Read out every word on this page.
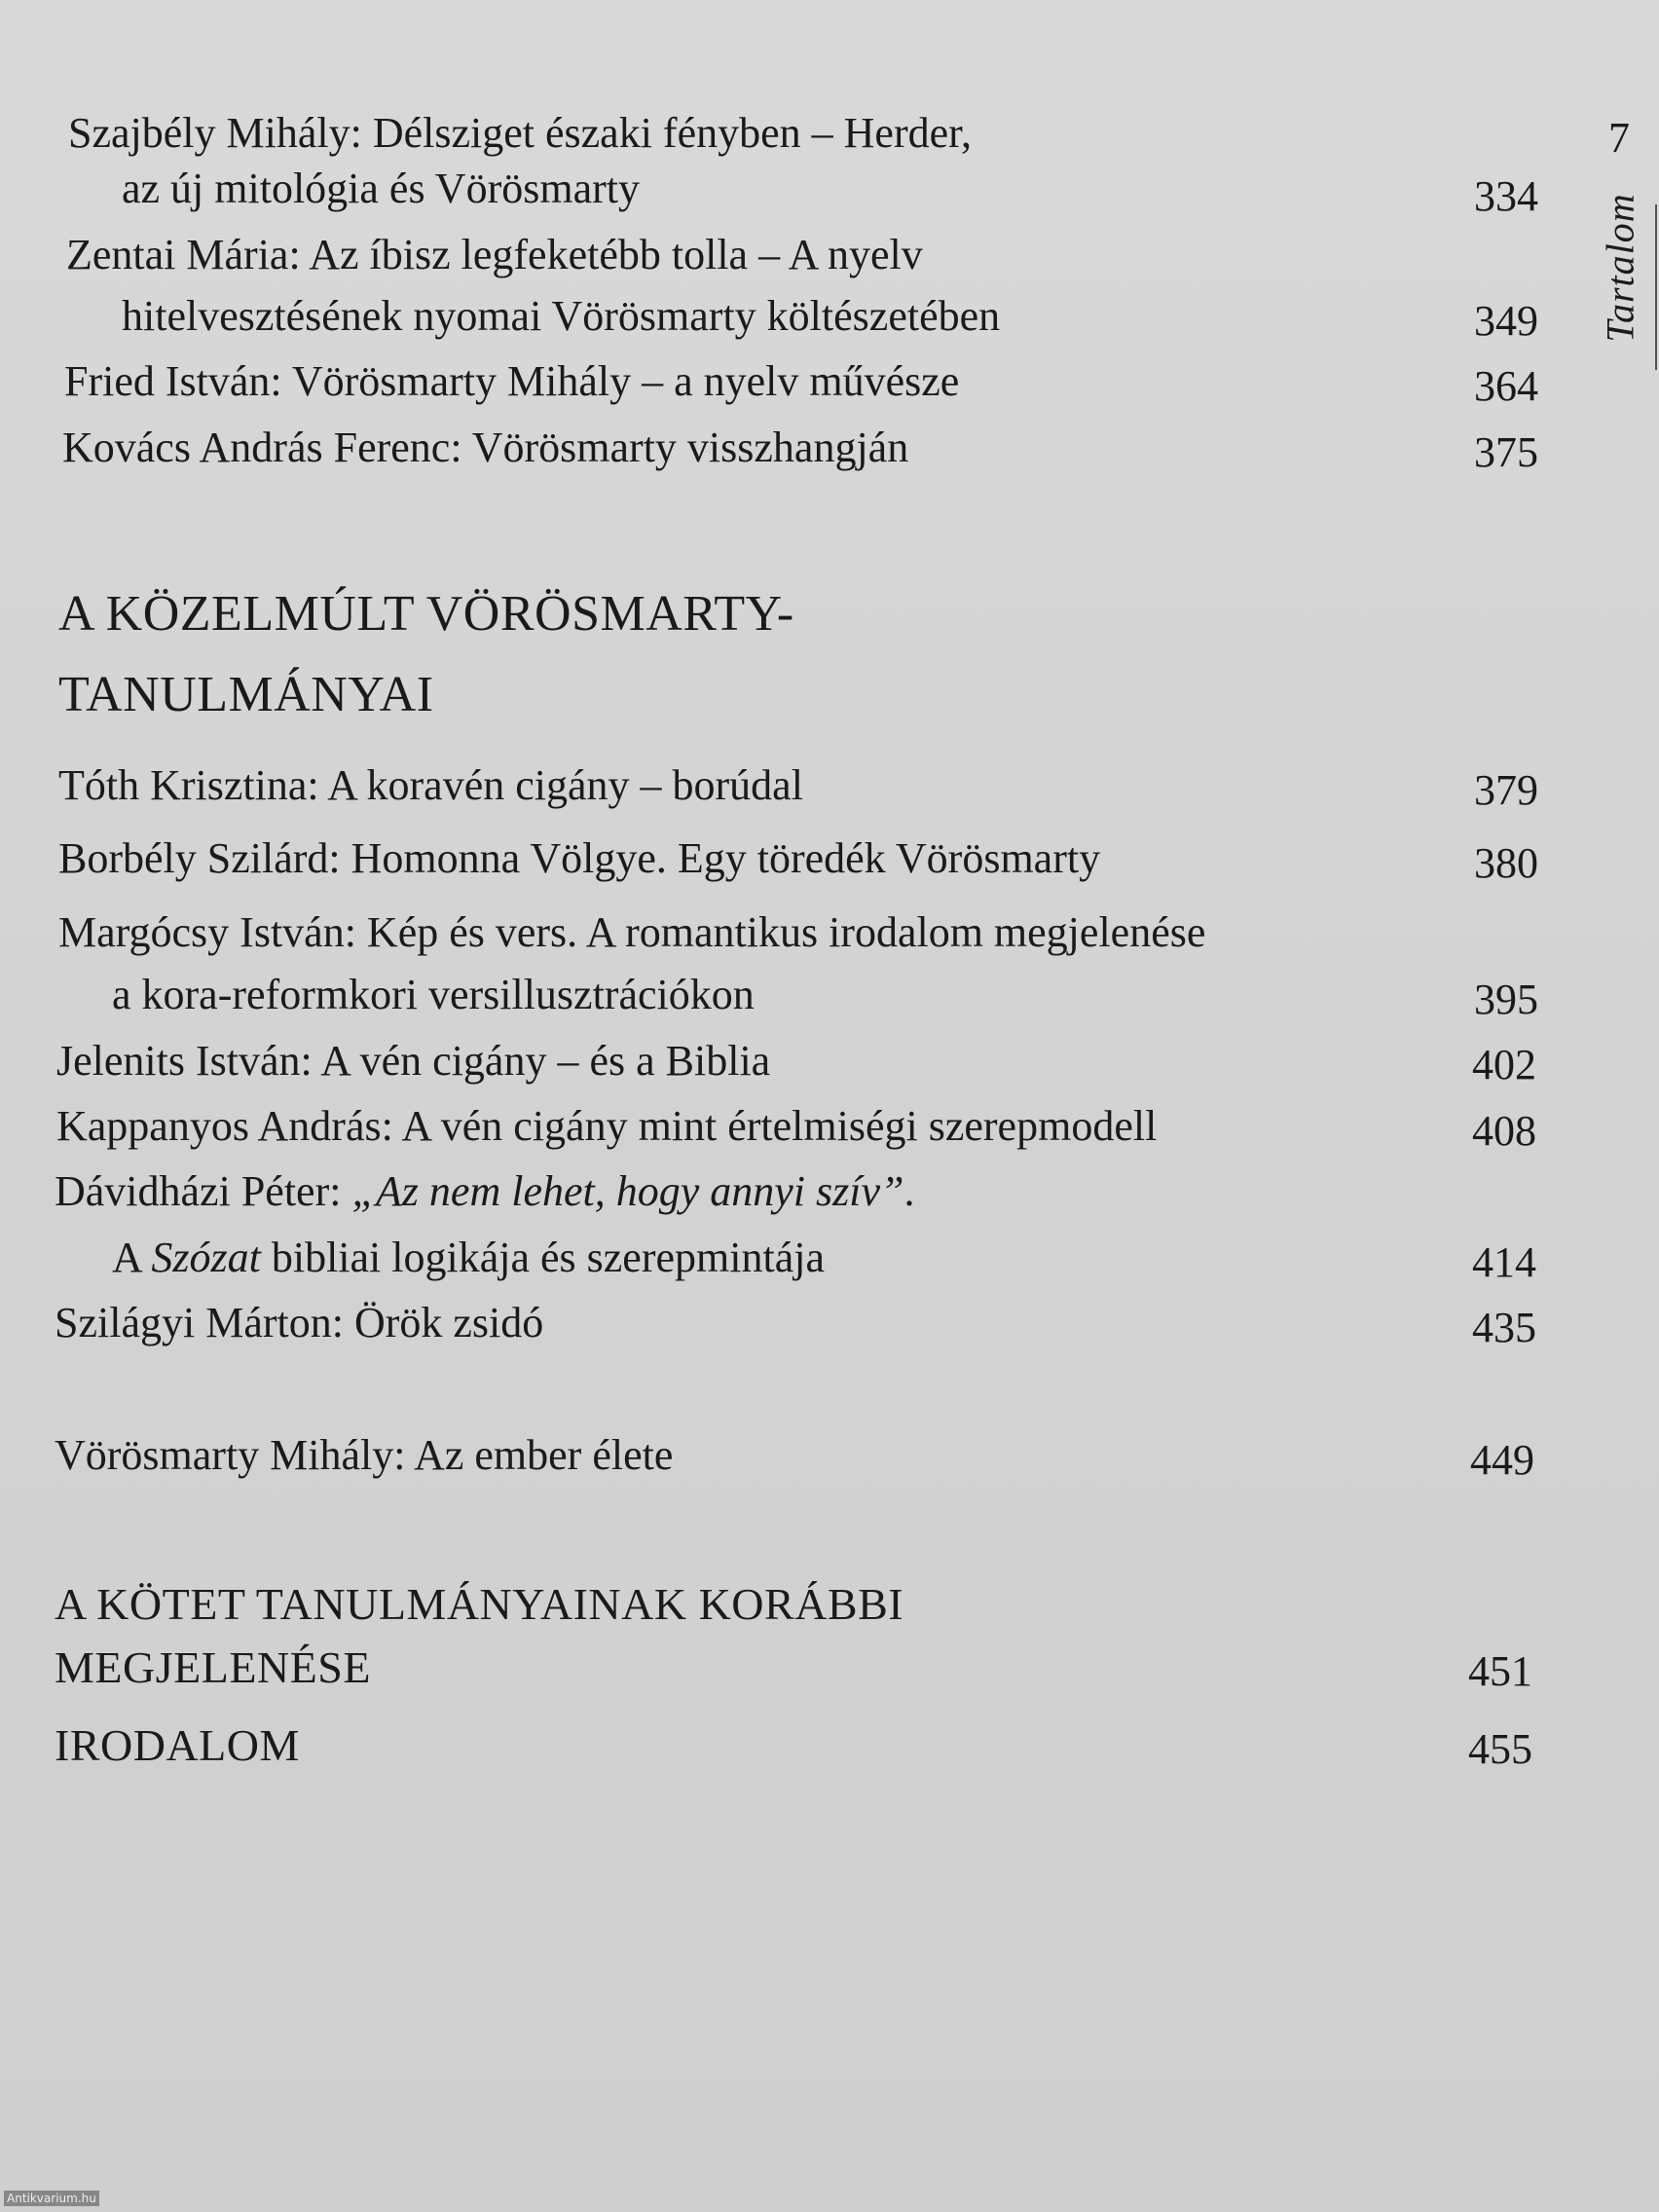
7
Tartalom
Szajbély Mihály: Délsziget északi fényben – Herder,
az új mitológia és Vörösmarty	334
Zentai Mária: Az íbisz legfeketébb tolla – A nyelv
hitelvesztésének nyomai Vörösmarty költészetében	349
Fried István: Vörösmarty Mihály – a nyelv művésze	364
Kovács András Ferenc: Vörösmarty visszhangján	375
A KÖZELMÚLT VÖRÖSMARTY-
TANULMÁNYAI
Tóth Krisztina: A koravén cigány – borúdal	379
Borbély Szilárd: Homonna Völgye. Egy töredék Vörösmarty	380
Margócsy István: Kép és vers. A romantikus irodalom megjelenése
a kora-reformkori versillusztrációkon	395
Jelenits István: A vén cigány – és a Biblia	402
Kappanyos András: A vén cigány mint értelmiségi szerepmodell	408
Dávidházi Péter: „Az nem lehet, hogy annyi szív”.
A Szózat bibliai logikája és szerepmintája	414
Szilágyi Márton: Örök zsidó	435
Vörösmarty Mihály: Az ember élete	449
A KÖTET TANULMÁNYAINAK KORÁBBI
MEGJELENÉSE	451
IRODALOM	455
Antikvarium.hu
